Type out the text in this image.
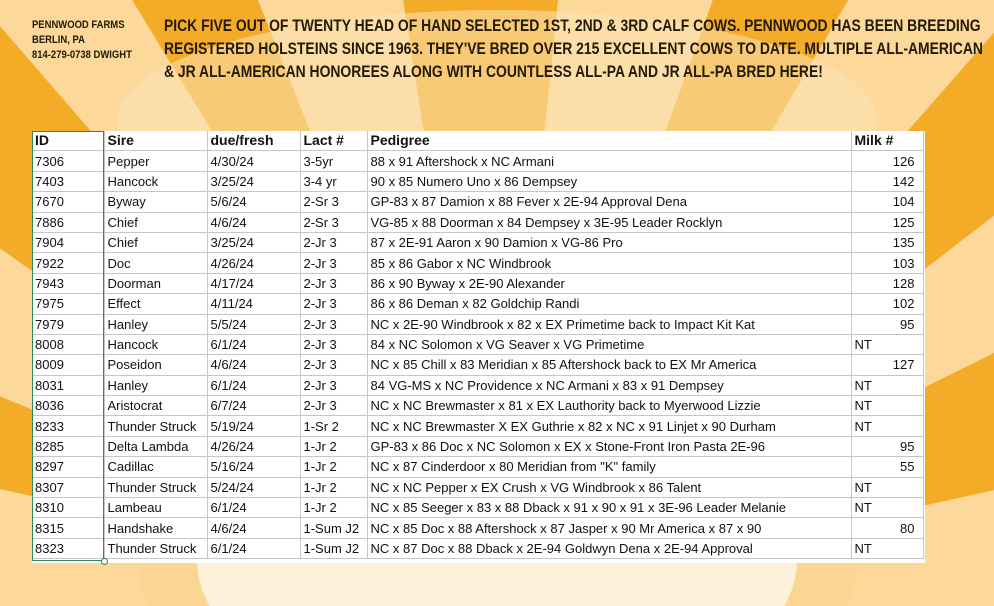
PENNWOOD FARMS
BERLIN, PA
814-279-0738 DWIGHT
PICK FIVE OUT OF TWENTY HEAD OF HAND SELECTED 1ST, 2ND & 3RD CALF COWS. PENNWOOD HAS BEEN BREEDING REGISTERED HOLSTEINS SINCE 1963. THEY'VE BRED OVER 215 EXCELLENT COWS TO DATE. MULTIPLE ALL-AMERICAN & JR ALL-AMERICAN HONOREES ALONG WITH COUNTLESS ALL-PA AND JR ALL-PA BRED HERE!
ID	Sire	due/fresh	Lact #	Pedigree	Milk #
7306	Pepper	4/30/24	3-5yr	88 x 91 Aftershock x NC Armani	126
7403	Hancock	3/25/24	3-4 yr	90 x 85 Numero Uno x 86 Dempsey	142
7670	Byway	5/6/24	2-Sr 3	GP-83 x 87 Damion x 88 Fever x 2E-94 Approval Dena	104
7886	Chief	4/6/24	2-Sr 3	VG-85 x 88 Doorman x 84 Dempsey x 3E-95 Leader Rocklyn	125
7904	Chief	3/25/24	2-Jr 3	87 x 2E-91 Aaron x 90 Damion x VG-86 Pro	135
7922	Doc	4/26/24	2-Jr 3	85 x 86 Gabor x NC Windbrook	103
7943	Doorman	4/17/24	2-Jr 3	86 x 90 Byway x 2E-90 Alexander	128
7975	Effect	4/11/24	2-Jr 3	86 x 86 Deman x 82 Goldchip Randi	102
7979	Hanley	5/5/24	2-Jr 3	NC x 2E-90 Windbrook x 82 x EX Primetime back to Impact Kit Kat	95
8008	Hancock	6/1/24	2-Jr 3	84 x NC Solomon x VG Seaver x VG Primetime	NT
8009	Poseidon	4/6/24	2-Jr 3	NC x 85 Chill x 83 Meridian x 85 Aftershock back to EX Mr America	127
8031	Hanley	6/1/24	2-Jr 3	84 VG-MS x NC Providence x NC Armani x 83 x 91 Dempsey	NT
8036	Aristocrat	6/7/24	2-Jr 3	NC x NC Brewmaster x 81 x EX Lauthority back to Myerwood Lizzie	NT
8233	Thunder Struck	5/19/24	1-Sr 2	NC x NC Brewmaster X EX Guthrie x 82 x NC x 91 Linjet x 90 Durham	NT
8285	Delta Lambda	4/26/24	1-Jr 2	GP-83 x 86 Doc x NC Solomon x EX x Stone-Front Iron Pasta 2E-96	95
8297	Cadillac	5/16/24	1-Jr 2	NC x 87 Cinderdoor x 80 Meridian from "K" family	55
8307	Thunder Struck	5/24/24	1-Jr 2	NC x NC Pepper x EX Crush x VG Windbrook x 86 Talent	NT
8310	Lambeau	6/1/24	1-Jr 2	NC x 85 Seeger x 83 x 88 Dback x 91 x 90 x 91 x 3E-96 Leader Melanie	NT
8315	Handshake	4/6/24	1-Sum J2	NC x 85 Doc x 88 Aftershock x 87 Jasper x 90 Mr America x 87 x 90	80
8323	Thunder Struck	6/1/24	1-Sum J2	NC x 87 Doc x 88 Dback x 2E-94 Goldwyn Dena x 2E-94 Approval	NT
